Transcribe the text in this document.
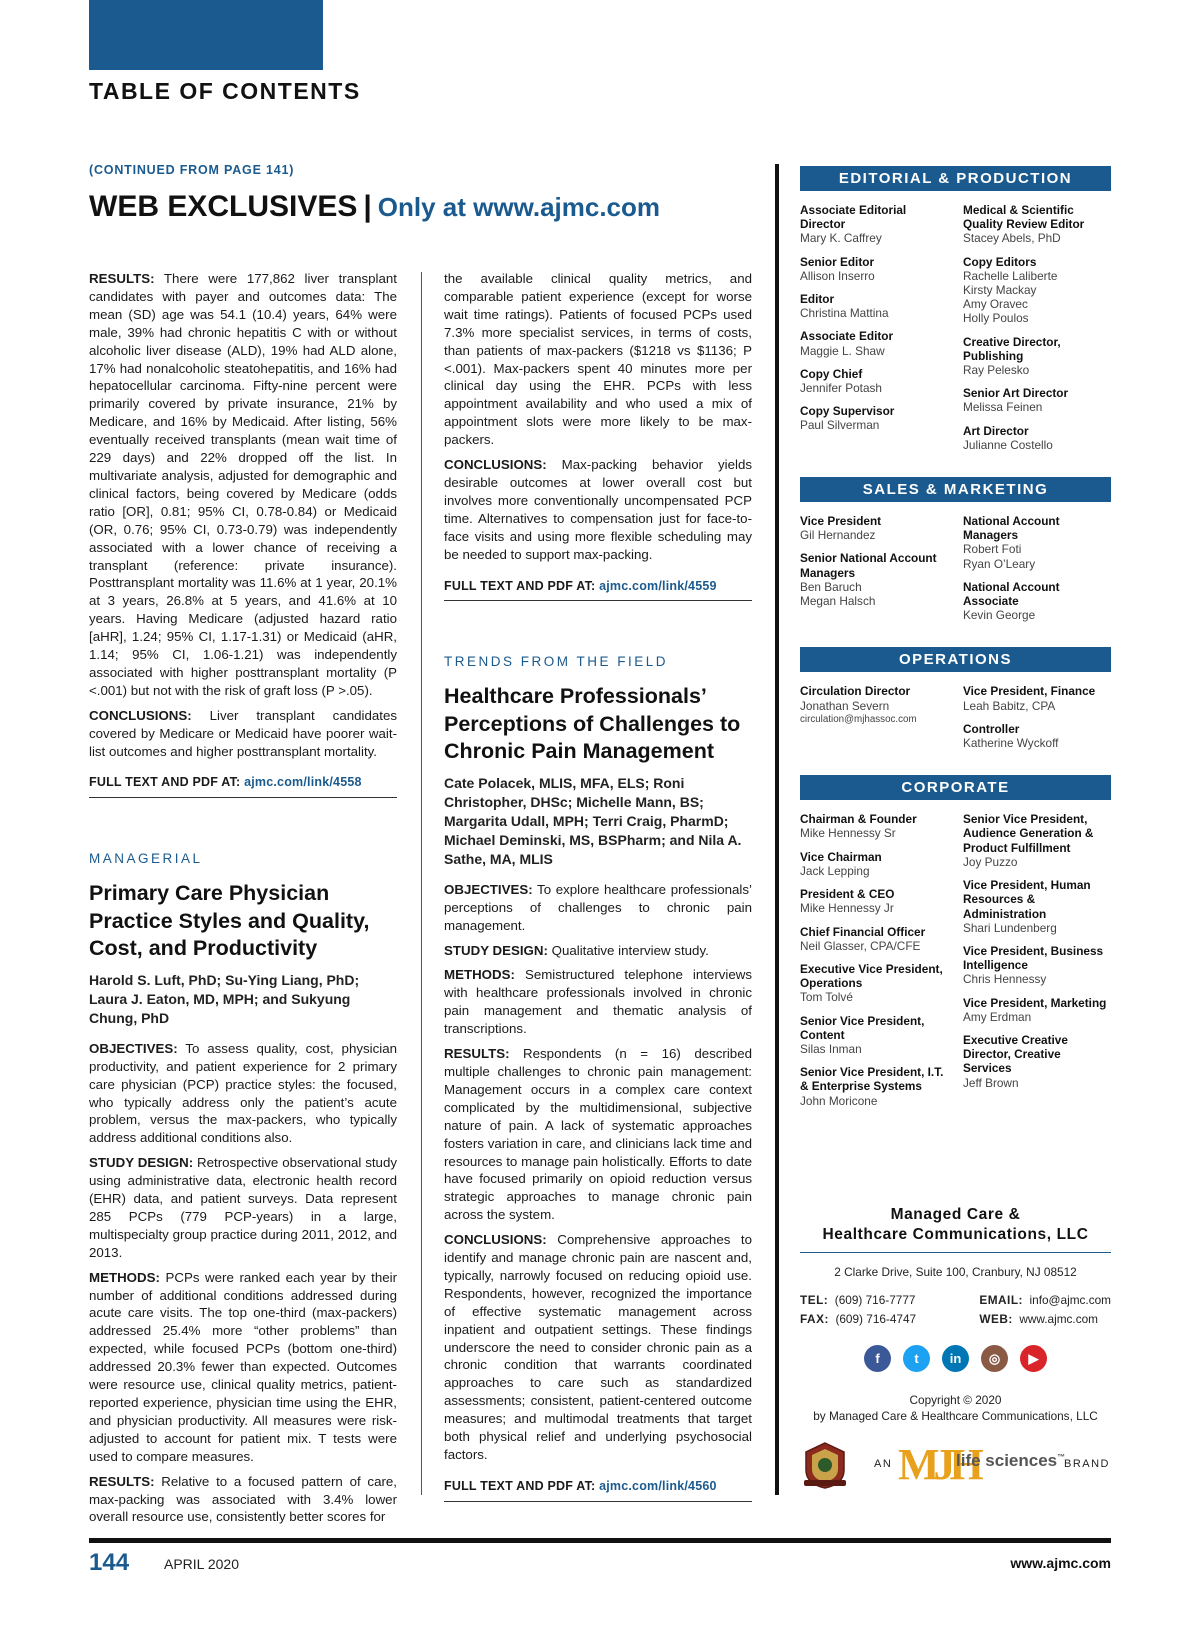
TABLE OF CONTENTS
(CONTINUED FROM PAGE 141)
WEB EXCLUSIVES | Only at www.ajmc.com

RESULTS: There were 177,862 liver transplant candidates with payer and outcomes data: The mean (SD) age was 54.1 (10.4) years, 64% were male, 39% had chronic hepatitis C with or without alcoholic liver disease (ALD), 19% had ALD alone, 17% had nonalcoholic steatohepatitis, and 16% had hepatocellular carcinoma. Fifty-nine percent were primarily covered by private insurance, 21% by Medicare, and 16% by Medicaid. After listing, 56% eventually received transplants (mean wait time of 229 days) and 22% dropped off the list. In multivariate analysis, adjusted for demographic and clinical factors, being covered by Medicare (odds ratio [OR], 0.81; 95% CI, 0.78-0.84) or Medicaid (OR, 0.76; 95% CI, 0.73-0.79) was independently associated with a lower chance of receiving a transplant (reference: private insurance). Posttransplant mortality was 11.6% at 1 year, 20.1% at 3 years, 26.8% at 5 years, and 41.6% at 10 years. Having Medicare (adjusted hazard ratio [aHR], 1.24; 95% CI, 1.17-1.31) or Medicaid (aHR, 1.14; 95% CI, 1.06-1.21) was independently associated with higher posttransplant mortality (P <.001) but not with the risk of graft loss (P >.05).

CONCLUSIONS: Liver transplant candidates covered by Medicare or Medicaid have poorer wait-list outcomes and higher posttransplant mortality.

FULL TEXT AND PDF AT: ajmc.com/link/4558
MANAGERIAL
Primary Care Physician Practice Styles and Quality, Cost, and Productivity
Harold S. Luft, PhD; Su-Ying Liang, PhD; Laura J. Eaton, MD, MPH; and Sukyung Chung, PhD

OBJECTIVES: To assess quality, cost, physician productivity, and patient experience for 2 primary care physician (PCP) practice styles: the focused, who typically address only the patient’s acute problem, versus the max-packers, who typically address additional conditions also.

STUDY DESIGN: Retrospective observational study using administrative data, electronic health record (EHR) data, and patient surveys. Data represent 285 PCPs (779 PCP-years) in a large, multispecialty group practice during 2011, 2012, and 2013.

METHODS: PCPs were ranked each year by their number of additional conditions addressed during acute care visits. The top one-third (max-packers) addressed 25.4% more “other problems” than expected, while focused PCPs (bottom one-third) addressed 20.3% fewer than expected. Outcomes were resource use, clinical quality metrics, patient-reported experience, physician time using the EHR, and physician productivity. All measures were risk-adjusted to account for patient mix. T tests were used to compare measures.

RESULTS: Relative to a focused pattern of care, max-packing was associated with 3.4% lower overall resource use, consistently better scores for

the available clinical quality metrics, and comparable patient experience (except for worse wait time ratings). Patients of focused PCPs used 7.3% more specialist services, in terms of costs, than patients of max-packers ($1218 vs $1136; P <.001). Max-packers spent 40 minutes more per clinical day using the EHR. PCPs with less appointment availability and who used a mix of appointment slots were more likely to be max-packers.

CONCLUSIONS: Max-packing behavior yields desirable outcomes at lower overall cost but involves more conventionally uncompensated PCP time. Alternatives to compensation just for face-to-face visits and using more flexible scheduling may be needed to support max-packing.

FULL TEXT AND PDF AT: ajmc.com/link/4559
TRENDS FROM THE FIELD
Healthcare Professionals’ Perceptions of Challenges to Chronic Pain Management
Cate Polacek, MLIS, MFA, ELS; Roni Christopher, DHSc; Michelle Mann, BS; Margarita Udall, MPH; Terri Craig, PharmD; Michael Deminski, MS, BSPharm; and Nila A. Sathe, MA, MLIS

OBJECTIVES: To explore healthcare professionals’ perceptions of challenges to chronic pain management.

STUDY DESIGN: Qualitative interview study.

METHODS: Semistructured telephone interviews with healthcare professionals involved in chronic pain management and thematic analysis of transcriptions.

RESULTS: Respondents (n = 16) described multiple challenges to chronic pain management: Management occurs in a complex care context complicated by the multidimensional, subjective nature of pain. A lack of systematic approaches fosters variation in care, and clinicians lack time and resources to manage pain holistically. Efforts to date have focused primarily on opioid reduction versus strategic approaches to manage chronic pain across the system.

CONCLUSIONS: Comprehensive approaches to identify and manage chronic pain are nascent and, typically, narrowly focused on reducing opioid use. Respondents, however, recognized the importance of effective systematic management across inpatient and outpatient settings. These findings underscore the need to consider chronic pain as a chronic condition that warrants coordinated approaches to care such as standardized assessments; consistent, patient-centered outcome measures; and multimodal treatments that target both physical relief and underlying psychosocial factors.

FULL TEXT AND PDF AT: ajmc.com/link/4560
EDITORIAL & PRODUCTION
Associate Editorial Director
Mary K. Caffrey
Senior Editor
Allison Inserro
Editor
Christina Mattina
Associate Editor
Maggie L. Shaw
Copy Chief
Jennifer Potash
Copy Supervisor
Paul Silverman
Medical & Scientific Quality Review Editor
Stacey Abels, PhD
Copy Editors
Rachelle Laliberte
Kirsty Mackay
Amy Oravec
Holly Poulos
Creative Director, Publishing
Ray Pelesko
Senior Art Director
Melissa Feinen
Art Director
Julianne Costello
SALES & MARKETING
Vice President
Gil Hernandez
Senior National Account Managers
Ben Baruch
Megan Halsch
National Account Managers
Robert Foti
Ryan O’Leary
National Account Associate
Kevin George
OPERATIONS
Circulation Director
Jonathan Severn
circulation@mjhassoc.com
Vice President, Finance
Leah Babitz, CPA
Controller
Katherine Wyckoff
CORPORATE
Chairman & Founder
Mike Hennessy Sr
Vice Chairman
Jack Lepping
President & CEO
Mike Hennessy Jr
Chief Financial Officer
Neil Glasser, CPA/CFE
Executive Vice President, Operations
Tom Tolvé
Senior Vice President, Content
Silas Inman
Senior Vice President, I.T. & Enterprise Systems
John Moricone
Senior Vice President, Audience Generation & Product Fulfillment
Joy Puzzo
Vice President, Human Resources & Administration
Shari Lundenberg
Vice President, Business Intelligence
Chris Hennessy
Vice President, Marketing
Amy Erdman
Executive Creative Director, Creative Services
Jeff Brown
Managed Care &
Healthcare Communications, LLC
2 Clarke Drive, Suite 100, Cranbury, NJ 08512
TEL: (609) 716-7777
FAX: (609) 716-4747
EMAIL: info@ajmc.com
WEB: www.ajmc.com
f	t	in	◎	▶
Copyright © 2020
by Managed Care & Healthcare Communications, LLC
AN MJH
life sciences™
BRAND
144 APRIL 2020	www.ajmc.com
